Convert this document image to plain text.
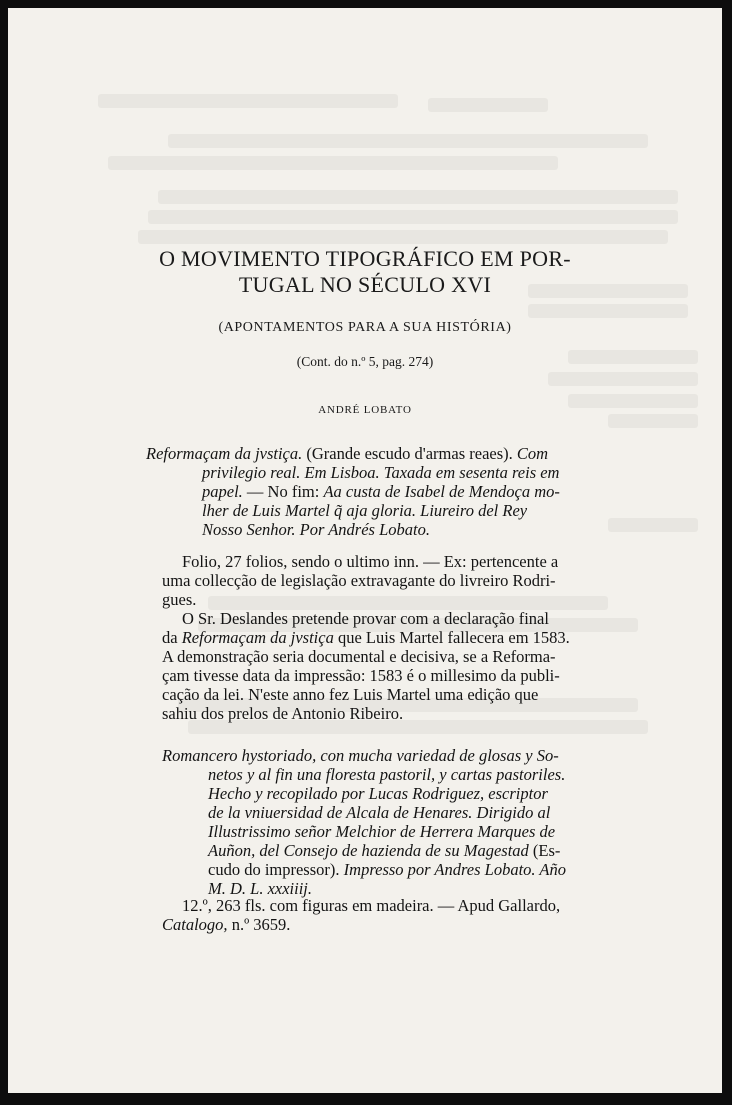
O MOVIMENTO TIPOGRÁFICO EM POR-
TUGAL NO SÉCULO XVI
(APONTAMENTOS PARA A SUA HISTÓRIA)
(Cont. do n.º 5, pag. 274)
ANDRÉ LOBATO
Reformaçam da jvstiça. (Grande escudo d'armas reaes). Com
privilegio real. Em Lisboa. Taxada em sesenta reis em
papel. — No fim: Aa custa de Isabel de Mendoça mo-
lher de Luis Martel q̃ aja gloria. Liureiro del Rey
Nosso Senhor. Por Andrés Lobato.
Folio, 27 folios, sendo o ultimo inn. — Ex: pertencente a
uma collecção de legislação extravagante do livreiro Rodri-
gues.
O Sr. Deslandes pretende provar com a declaração final
da Reformaçam da jvstiça que Luis Martel fallecera em 1583.
A demonstração seria documental e decisiva, se a Reforma-
çam tivesse data da impressão: 1583 é o millesimo da publi-
cação da lei. N'este anno fez Luis Martel uma edição que
sahiu dos prelos de Antonio Ribeiro.
Romancero hystoriado, con mucha variedad de glosas y So-
netos y al fin una floresta pastoril, y cartas pastoriles.
Hecho y recopilado por Lucas Rodriguez, escriptor
de la vniuersidad de Alcala de Henares. Dirigido al
Illustrissimo señor Melchior de Herrera Marques de
Auñon, del Consejo de hazienda de su Magestad (Es-
cudo do impressor). Impresso por Andres Lobato. Año
M. D. L. xxxiiij.
12.º, 263 fls. com figuras em madeira. — Apud Gallardo,
Catalogo, n.º 3659.
